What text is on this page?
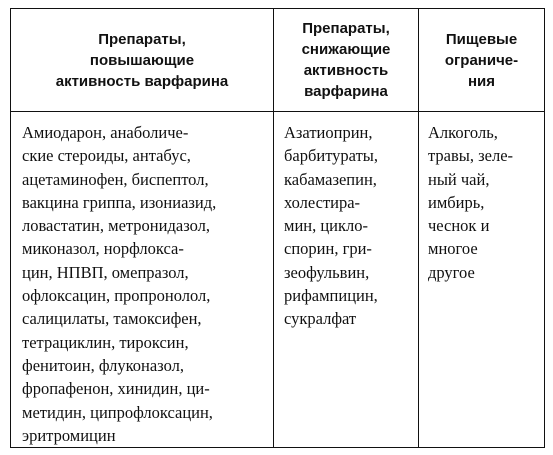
Препараты,
повышающие
активность варфарина
Препараты,
снижающие
активность
варфарина
Пищевые
ограниче-
ния
Амиодарон, анаболиче-
ские стероиды, антабус,
ацетаминофен, биспептол,
вакцина гриппа, изониазид,
ловастатин, метронидазол,
миконазол, норфлокса-
цин, НПВП, омепразол,
офлоксацин, пропронолол,
салицилаты, тамоксифен,
тетрациклин, тироксин,
фенитоин, флуконазол,
фропафенон, хинидин, ци-
метидин, ципрофлоксацин,
эритромицин
Азатиоприн,
барбитураты,
кабамазепин,
холестира-
мин, цикло-
спорин, гри-
зеофульвин,
рифампицин,
сукралфат
Алкоголь,
травы, зеле-
ный чай,
имбирь,
чеснок и
многое
другое
